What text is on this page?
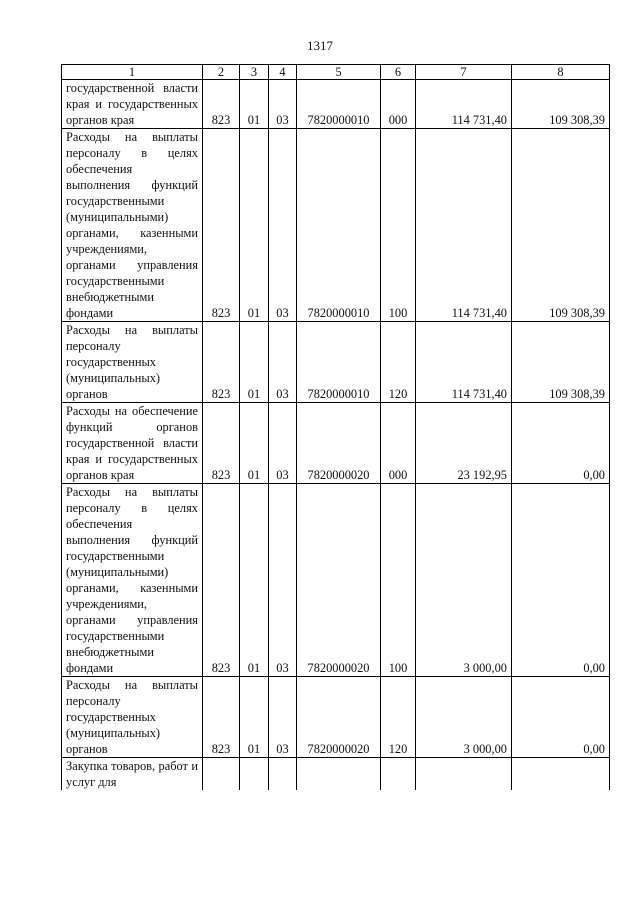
1317
1	2	3	4	5	6	7	8

государственной власти края и государственных органов края	823	01	03	7820000010	000	114 731,40	109 308,39

Расходы на выплаты персоналу в целях обеспечения выполнения функций государственными (муниципальными) органами, казенными учреждениями, органами управления государственными внебюджетными фондами	823	01	03	7820000010	100	114 731,40	109 308,39

Расходы на выплаты персоналу государственных (муниципальных) органов	823	01	03	7820000010	120	114 731,40	109 308,39

Расходы на обеспечение функций органов государственной власти края и государственных органов края	823	01	03	7820000020	000	23 192,95	0,00

Расходы на выплаты персоналу в целях обеспечения выполнения функций государственными (муниципальными) органами, казенными учреждениями, органами управления государственными внебюджетными фондами	823	01	03	7820000020	100	3 000,00	0,00

Расходы на выплаты персоналу государственных (муниципальных) органов	823	01	03	7820000020	120	3 000,00	0,00

Закупка товаров, работ и услуг для							
